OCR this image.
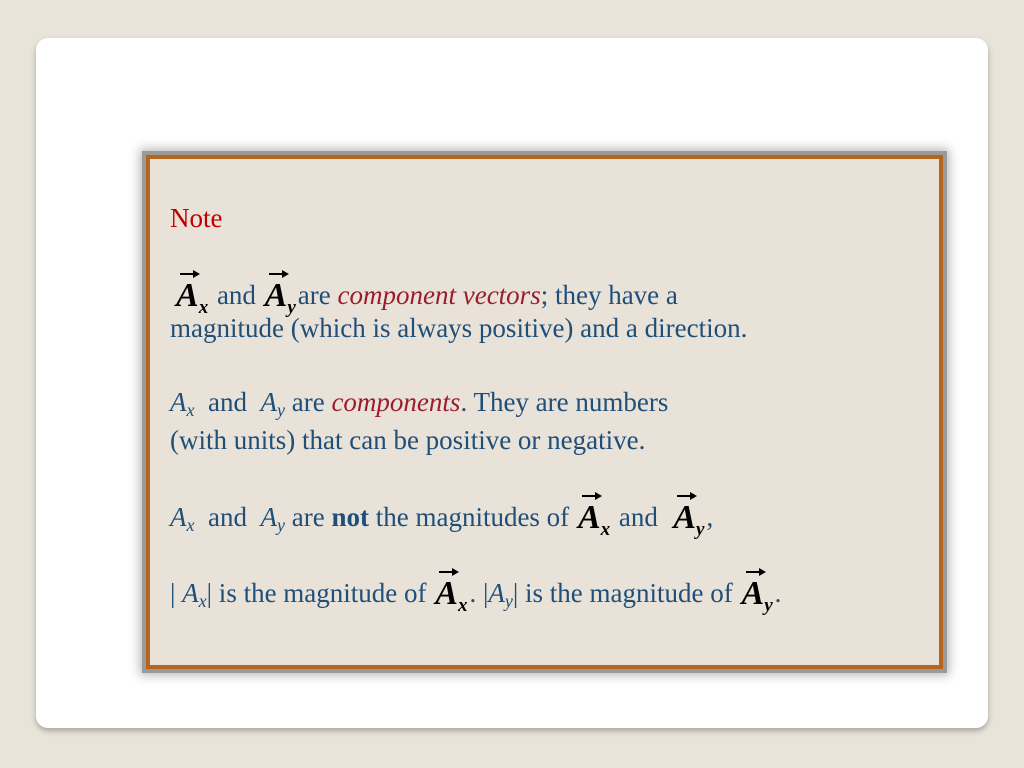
Note
$A_x$ and $A_yare$ component vectors; they have a
magnitude (which is always positive) and a direction.
Ax and Ay are components. They are numbers
(with units) that can be positive or negative.
Ax and Ay are not the magnitudes of $A_x$ and $A_y$,
| Ax| is the magnitude of $A_x$. |Ay| is the magnitude of $A_y$.
